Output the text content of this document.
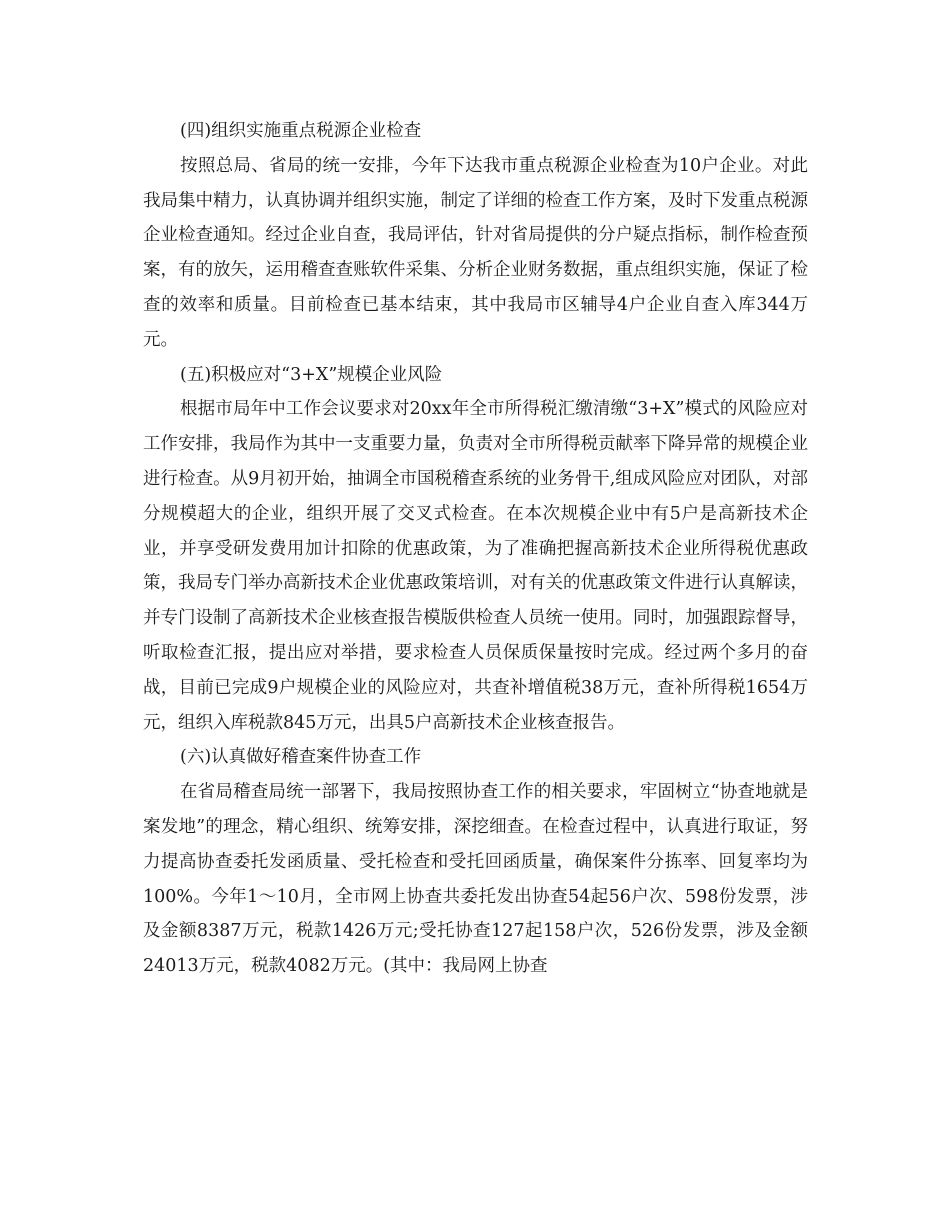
(四)组织实施重点税源企业检查

按照总局、省局的统一安排，今年下达我市重点税源企业检查为10户企业。对此我局集中精力，认真协调并组织实施，制定了详细的检查工作方案，及时下发重点税源企业检查通知。经过企业自查，我局评估，针对省局提供的分户疑点指标，制作检查预案，有的放矢，运用稽查查账软件采集、分析企业财务数据，重点组织实施，保证了检查的效率和质量。目前检查已基本结束，其中我局市区辅导4户企业自查入库344万元。

(五)积极应对“3+X”规模企业风险

根据市局年中工作会议要求对20xx年全市所得税汇缴清缴“3+X”模式的风险应对工作安排，我局作为其中一支重要力量，负责对全市所得税贡献率下降异常的规模企业进行检查。从9月初开始，抽调全市国税稽查系统的业务骨干,组成风险应对团队，对部分规模超大的企业，组织开展了交叉式检查。在本次规模企业中有5户是高新技术企业，并享受研发费用加计扣除的优惠政策，为了准确把握高新技术企业所得税优惠政策，我局专门举办高新技术企业优惠政策培训，对有关的优惠政策文件进行认真解读，并专门设制了高新技术企业核查报告模版供检查人员统一使用。同时，加强跟踪督导，听取检查汇报，提出应对举措，要求检查人员保质保量按时完成。经过两个多月的奋战，目前已完成9户规模企业的风险应对，共查补增值税38万元，查补所得税1654万元，组织入库税款845万元，出具5户高新技术企业核查报告。

(六)认真做好稽查案件协查工作

在省局稽查局统一部署下，我局按照协查工作的相关要求，牢固树立“协查地就是案发地”的理念，精心组织、统筹安排，深挖细查。在检查过程中，认真进行取证，努力提高协查委托发函质量、受托检查和受托回函质量，确保案件分拣率、回复率均为100%。今年1～10月，全市网上协查共委托发出协查54起56户次、598份发票，涉及金额8387万元，税款1426万元;受托协查127起158户次，526份发票，涉及金额24013万元，税款4082万元。(其中：我局网上协查
